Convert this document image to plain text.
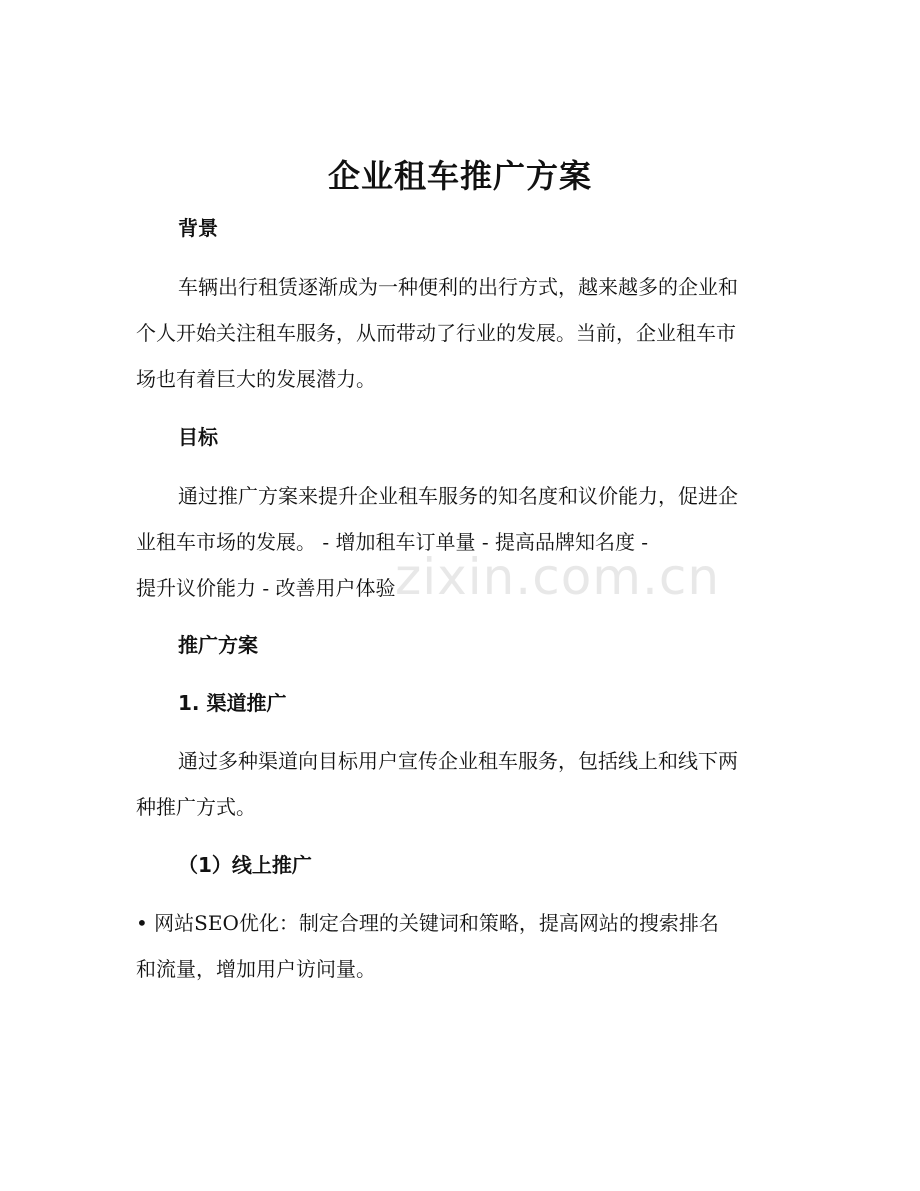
企业租车推广方案
背景
车辆出行租赁逐渐成为一种便利的出行方式，越来越多的企业和
个人开始关注租车服务，从而带动了行业的发展。当前，企业租车市
场也有着巨大的发展潜力。
目标
通过推广方案来提升企业租车服务的知名度和议价能力，促进企
业租车市场的发展。 - 增加租车订单量 - 提高品牌知名度 -
提升议价能力 - 改善用户体验
推广方案
1. 渠道推广
通过多种渠道向目标用户宣传企业租车服务，包括线上和线下两
种推广方式。
（1）线上推广
• 网站SEO优化：制定合理的关键词和策略，提高网站的搜索排名
和流量，增加用户访问量。
zixin.com.cn
